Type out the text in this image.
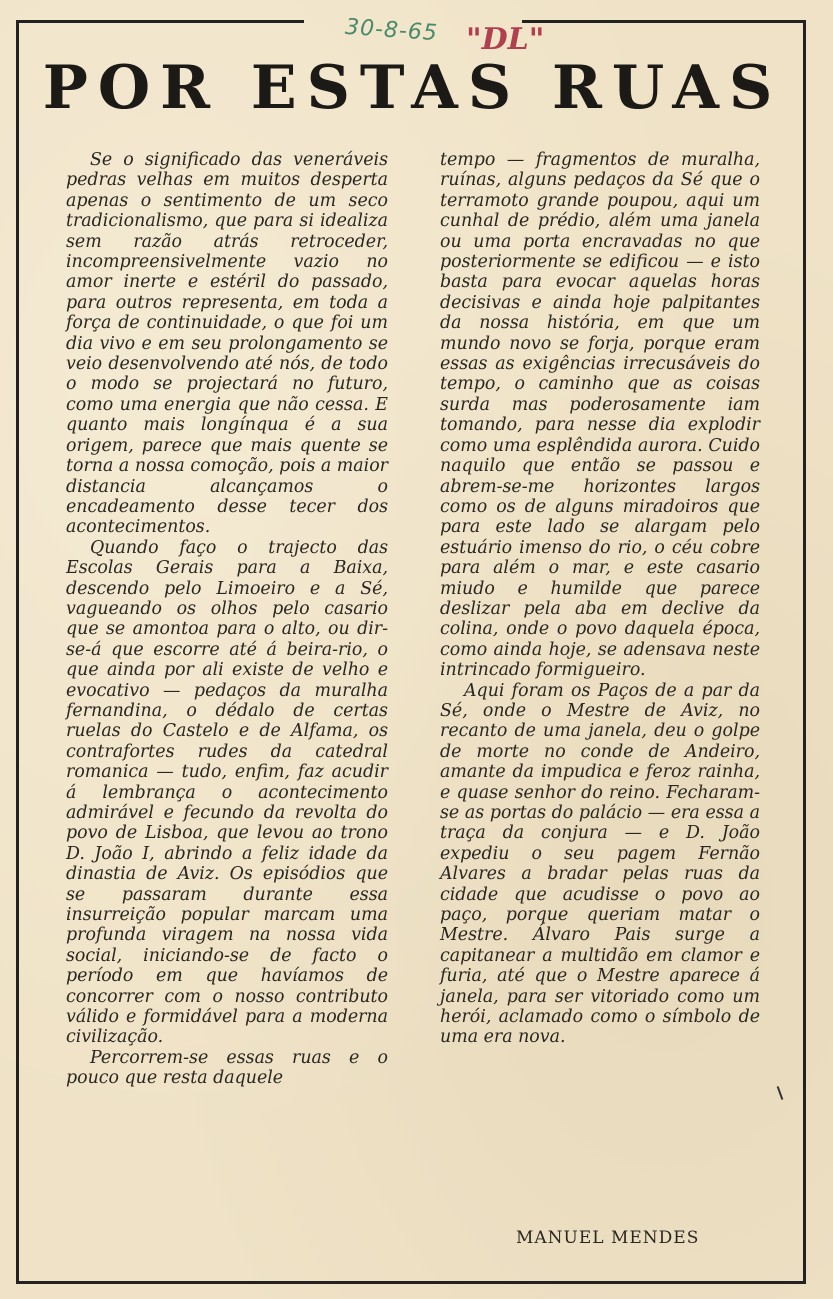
30-8-65 "DL"
POR ESTAS RUAS

Se o significado das veneráveis pedras velhas em muitos desperta apenas o sentimento de um seco tradicionalismo, que para si idealiza sem razão atrás retroceder, incompreensivelmente vazio no amor inerte e estéril do passado, para outros representa, em toda a força de continuidade, o que foi um dia vivo e em seu prolongamento se veio desenvolvendo até nós, de todo o modo se projectará no futuro, como uma energia que não cessa. E quanto mais longínqua é a sua origem, parece que mais quente se torna a nossa comoção, pois a maior distancia alcançamos o encadeamento desse tecer dos acontecimentos.

Quando faço o trajecto das Escolas Gerais para a Baixa, descendo pelo Limoeiro e a Sé, vagueando os olhos pelo casario que se amontoa para o alto, ou dir-se-á que escorre até á beira-rio, o que ainda por ali existe de velho e evocativo — pedaços da muralha fernandina, o dédalo de certas ruelas do Castelo e de Alfama, os contrafortes rudes da catedral romanica — tudo, enfim, faz acudir á lembrança o acontecimento admirável e fecundo da revolta do povo de Lisboa, que levou ao trono D. João I, abrindo a feliz idade da dinastia de Aviz. Os episódios que se passaram durante essa insurreição popular marcam uma profunda viragem na nossa vida social, iniciando-se de facto o período em que havíamos de concorrer com o nosso contributo válido e formidável para a moderna civilização.

Percorrem-se essas ruas e o pouco que resta daquele

tempo — fragmentos de muralha, ruínas, alguns pedaços da Sé que o terramoto grande poupou, aqui um cunhal de prédio, além uma janela ou uma porta encravadas no que posteriormente se edificou — e isto basta para evocar aquelas horas decisivas e ainda hoje palpitantes da nossa história, em que um mundo novo se forja, porque eram essas as exigências irrecusáveis do tempo, o caminho que as coisas surda mas poderosamente iam tomando, para nesse dia explodir como uma esplêndida aurora. Cuido naquilo que então se passou e abrem-se-me horizontes largos como os de alguns miradoiros que para este lado se alargam pelo estuário imenso do rio, o céu cobre para além o mar, e este casario miudo e humilde que parece deslizar pela aba em declive da colina, onde o povo daquela época, como ainda hoje, se adensava neste intrincado formigueiro.

Aqui foram os Paços de a par da Sé, onde o Mestre de Aviz, no recanto de uma janela, deu o golpe de morte no conde de Andeiro, amante da impudica e feroz rainha, e quase senhor do reino. Fecharam-se as portas do palácio — era essa a traça da conjura — e D. João expediu o seu pagem Fernão Alvares a bradar pelas ruas da cidade que acudisse o povo ao paço, porque queriam matar o Mestre. Álvaro Pais surge a capitanear a multidão em clamor e furia, até que o Mestre aparece á janela, para ser vitoriado como um herói, aclamado como o símbolo de uma era nova.

MANUEL MENDES
